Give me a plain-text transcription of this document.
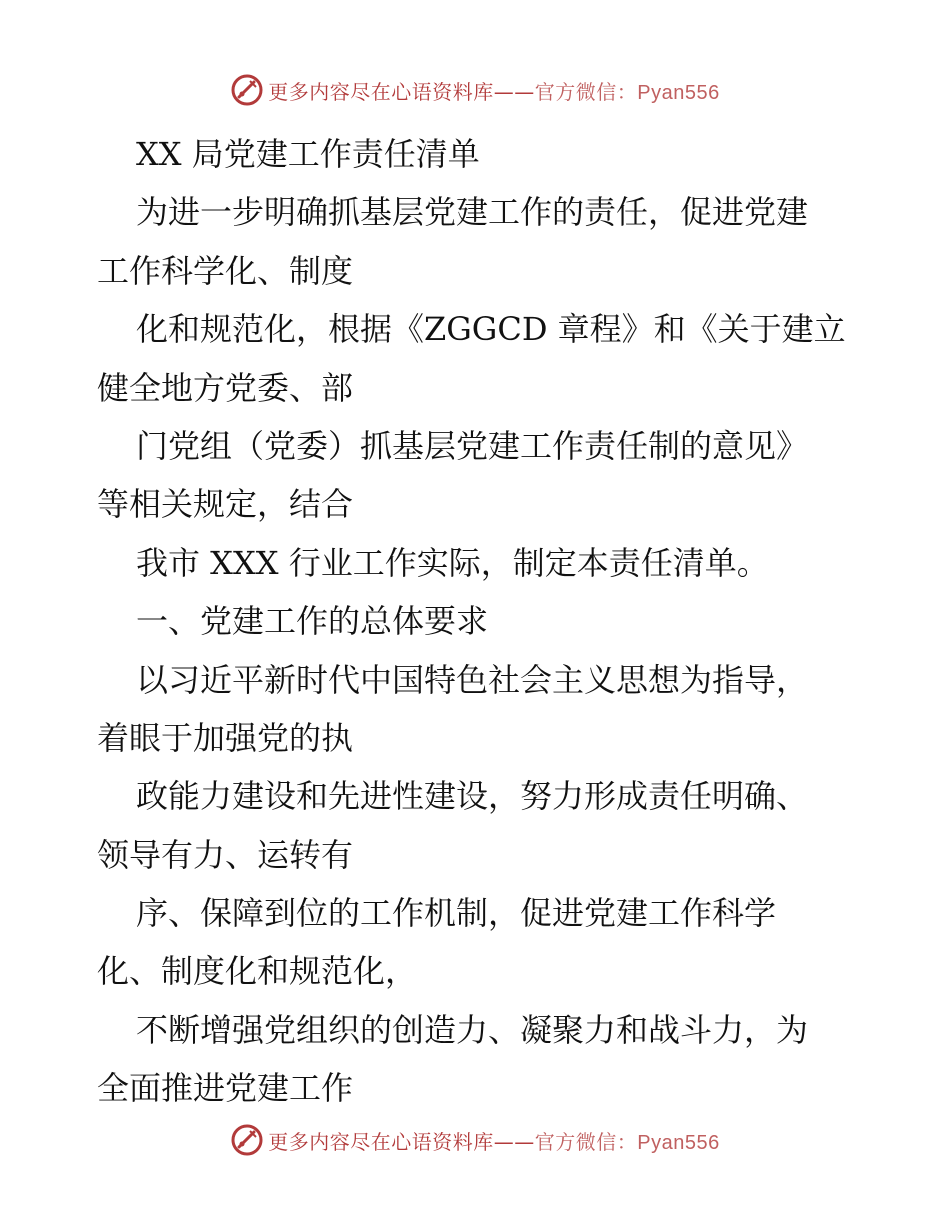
更多内容尽在心语资料库——官方微信：Pyan556
XX 局党建工作责任清单
为进一步明确抓基层党建工作的责任，促进党建
工作科学化、制度
化和规范化，根据《ZGGCD 章程》和《关于建立
健全地方党委、部
门党组（党委）抓基层党建工作责任制的意见》
等相关规定，结合
我市 XXX 行业工作实际，制定本责任清单。
一、党建工作的总体要求
以习近平新时代中国特色社会主义思想为指导，
着眼于加强党的执
政能力建设和先进性建设，努力形成责任明确、
领导有力、运转有
序、保障到位的工作机制，促进党建工作科学
化、制度化和规范化，
不断增强党组织的创造力、凝聚力和战斗力，为
全面推进党建工作
更多内容尽在心语资料库——官方微信：Pyan556
